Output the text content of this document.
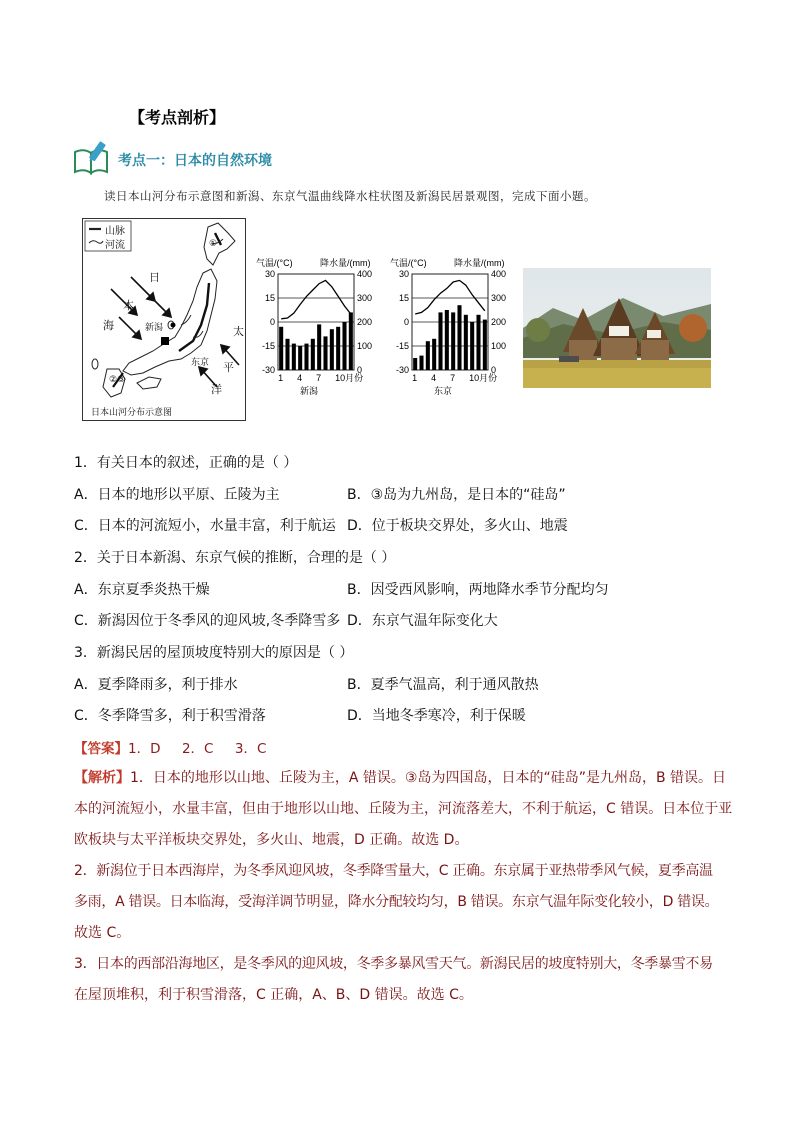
【考点剖析】
考点一：日本的自然环境
读日本山河分布示意图和新潟、东京气温曲线降水柱状图及新潟民居景观图，完成下面小题。
山脉
河流
日
本
海	新潟
东京
太
平
洋
①
② ③
日本山河分布示意图
气温/(°C)	降水量/(mm)
30
15
0
-15
-30
400
300
200
100
0
1 4 7 10月份
新潟
气温/(°C)	降水量/(mm)
30
15
0
-15
-30
400
300
200
100
0
1 4 7 10月份
东京
1．有关日本的叙述，正确的是（ ）
A．日本的地形以平原、丘陵为主	B．③岛为九州岛，是日本的“硅岛”
C．日本的河流短小，水量丰富，利于航运 D．位于板块交界处，多火山、地震
2．关于日本新潟、东京气候的推断，合理的是（ ）
A．东京夏季炎热干燥	B．因受西风影响，两地降水季节分配均匀
C．新潟因位于冬季风的迎风坡,冬季降雪多 D．东京气温年际变化大
3．新潟民居的屋顶坡度特别大的原因是（ ）
A．夏季降雨多，利于排水	B．夏季气温高，利于通风散热
C．冬季降雪多，利于积雪滑落	D．当地冬季寒冷，利于保暖
【答案】1．D     2．C     3．C
【解析】1．日本的地形以山地、丘陵为主，A 错误。③岛为四国岛，日本的“硅岛”是九州岛，B 错误。日
本的河流短小，水量丰富，但由于地形以山地、丘陵为主，河流落差大，不利于航运，C 错误。日本位于亚
欧板块与太平洋板块交界处，多火山、地震，D 正确。故选 D。
2．新潟位于日本西海岸，为冬季风迎风坡，冬季降雪量大，C 正确。东京属于亚热带季风气候，夏季高温
多雨，A 错误。日本临海，受海洋调节明显，降水分配较均匀，B 错误。东京气温年际变化较小，D 错误。
故选 C。
3．日本的西部沿海地区，是冬季风的迎风坡，冬季多暴风雪天气。新潟民居的坡度特别大，冬季暴雪不易
在屋顶堆积，利于积雪滑落，C 正确，A、B、D 错误。故选 C。
